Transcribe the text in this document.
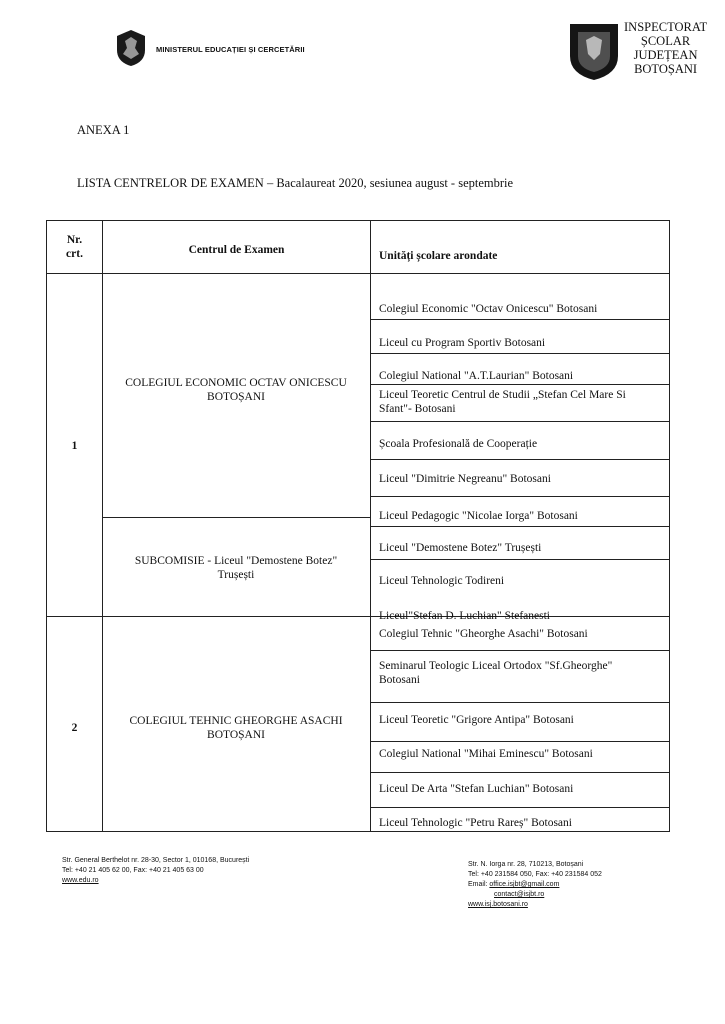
MINISTERUL EDUCAȚIEI ȘI CERCETĂRII
INSPECTORAT
ȘCOLAR
JUDEȚEAN
BOTOȘANI
ANEXA 1
LISTA CENTRELOR DE EXAMEN – Bacalaureat 2020, sesiunea august - septembrie
Nr.
crt.	Centrul de Examen	Unități școlare arondate
1
COLEGIUL ECONOMIC OCTAV ONICESCU
BOTOȘANI
SUBCOMISIE - Liceul "Demostene Botez"
Trușești
Colegiul Economic "Octav Onicescu" Botosani
Liceul cu Program Sportiv Botosani
Colegiul National "A.T.Laurian" Botosani
Liceul Teoretic Centrul de Studii „Stefan Cel Mare Si
Sfant"- Botosani
Școala Profesională de Cooperație
Liceul "Dimitrie Negreanu" Botosani
Liceul Pedagogic "Nicolae Iorga" Botosani
Liceul "Demostene Botez" Trușești
Liceul Tehnologic Todireni
Liceul"Stefan D. Luchian" Stefanesti
2
COLEGIUL TEHNIC GHEORGHE ASACHI
BOTOȘANI
Colegiul Tehnic "Gheorghe Asachi" Botosani
Seminarul Teologic Liceal Ortodox "Sf.Gheorghe"
Botosani
Liceul Teoretic "Grigore Antipa" Botosani
Colegiul National "Mihai Eminescu" Botosani
Liceul De Arta "Stefan Luchian" Botosani
Liceul Tehnologic "Petru Rareș" Botosani
Str. General Berthelot nr. 28-30, Sector 1, 010168, București
Tel: +40 21 405 62 00, Fax: +40 21 405 63 00
www.edu.ro
Str. N. Iorga nr. 28, 710213, Botoșani
Tel: +40 231584 050, Fax: +40 231584 052
Email: office.isjbt@gmail.com
contact@isjbt.ro
www.isj.botosani.ro
